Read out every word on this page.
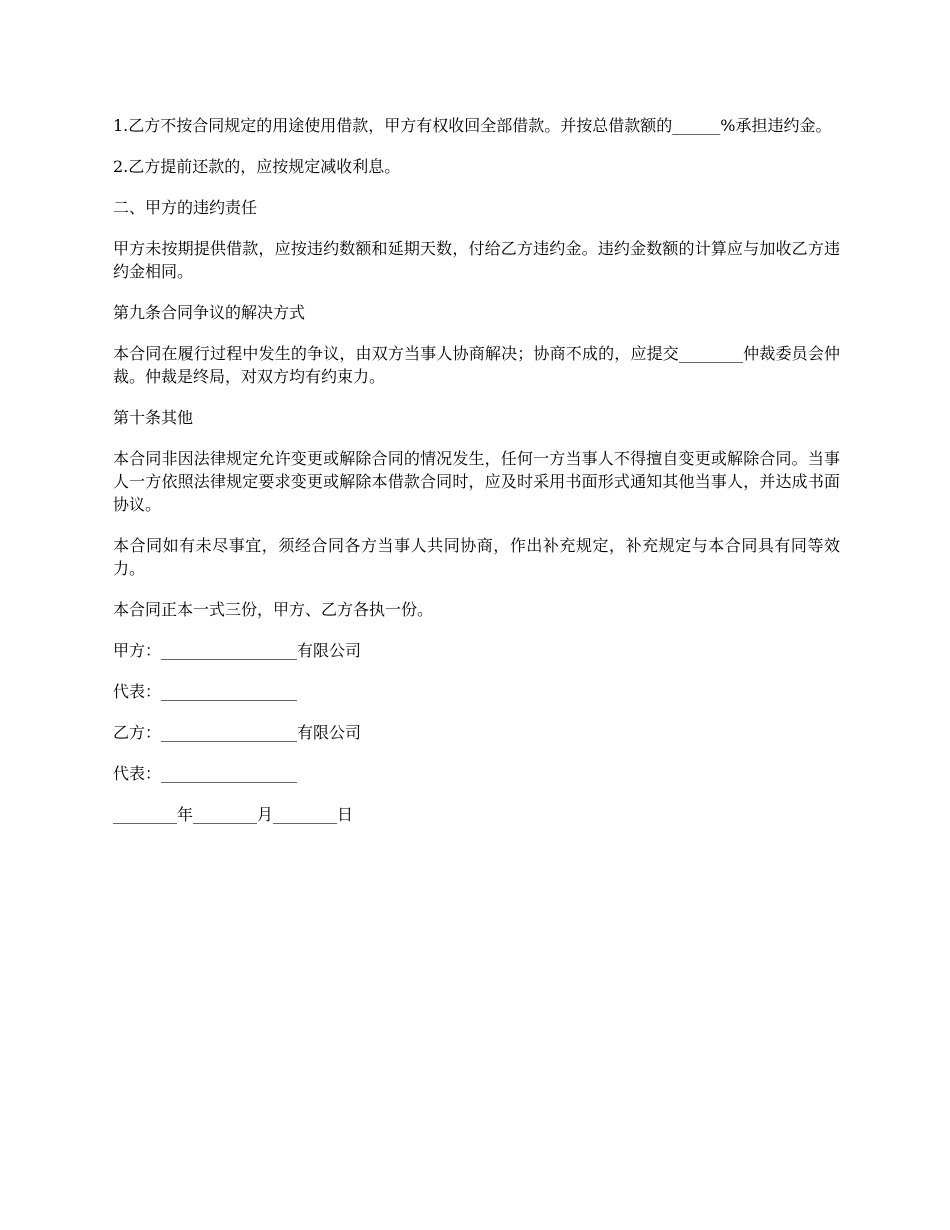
1.乙方不按合同规定的用途使用借款，甲方有权收回全部借款。并按总借款额的______%承担违约金。

2.乙方提前还款的，应按规定减收利息。

二、甲方的违约责任

甲方未按期提供借款，应按违约数额和延期天数，付给乙方违约金。违约金数额的计算应与加收乙方违约金相同。

第九条合同争议的解决方式

本合同在履行过程中发生的争议，由双方当事人协商解决；协商不成的，应提交________仲裁委员会仲裁。仲裁是终局，对双方均有约束力。

第十条其他

本合同非因法律规定允许变更或解除合同的情况发生，任何一方当事人不得擅自变更或解除合同。当事人一方依照法律规定要求变更或解除本借款合同时，应及时采用书面形式通知其他当事人，并达成书面协议。

本合同如有未尽事宜，须经合同各方当事人共同协商，作出补充规定，补充规定与本合同具有同等效力。

本合同正本一式三份，甲方、乙方各执一份。

甲方：_________________有限公司

代表：_________________

乙方：_________________有限公司

代表：_________________

________年________月________日
